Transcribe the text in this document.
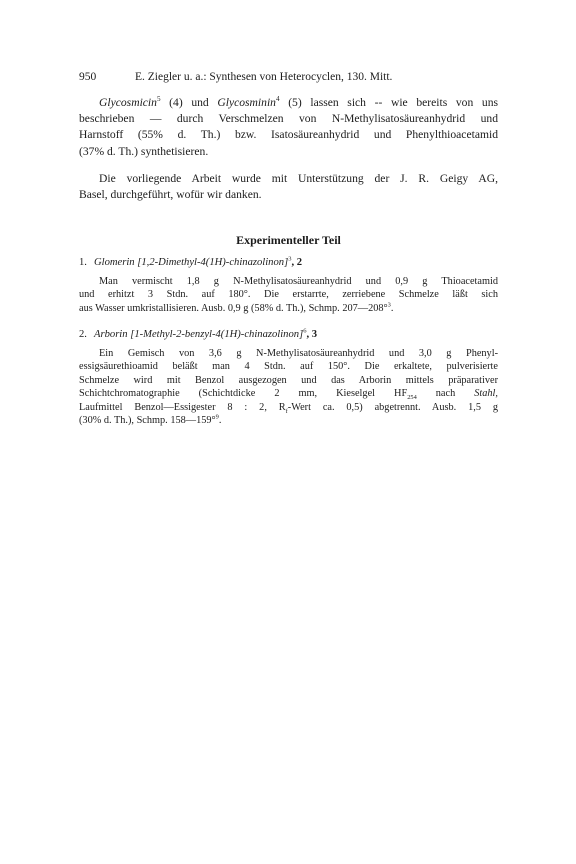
950	E. Ziegler u. a.: Synthesen von Heterocyclen, 130. Mitt.
Glycosmicin$^5$ (4) und Glycosminin$^4$ (5) lassen sich -- wie bereits von uns
beschrieben — durch Verschmelzen von N-Methylisatosäureanhydrid und
Harnstoff (55% d. Th.) bzw. Isatosäureanhydrid und Phenylthioacetamid
(37% d. Th.) synthetisieren.
Die vorliegende Arbeit wurde mit Unterstützung der J. R. Geigy AG,
Basel, durchgeführt, wofür wir danken.
Experimenteller Teil
1. Glomerin [1,2-Dimethyl-4(1H)-chinazolinon]$^3$, 2
Man vermischt 1,8 g N-Methylisatosäureanhydrid und 0,9 g Thioacetamid
und erhitzt 3 Stdn. auf 180°. Die erstarrte, zerriebene Schmelze läßt sich
aus Wasser umkristallisieren. Ausb. 0,9 g (58% d. Th.), Schmp. 207—208°$^3$.
2. Arborin [1-Methyl-2-benzyl-4(1H)-chinazolinon]$^6$, 3
Ein Gemisch von 3,6 g N-Methylisatosäureanhydrid und 3,0 g Phenyl-
essigsäurethioamid beläßt man 4 Stdn. auf 150°. Die erkaltete, pulverisierte
Schmelze wird mit Benzol ausgezogen und das Arborin mittels präparativer
Schichtchromatographie (Schichtdicke 2 mm, Kieselgel $HF_{254}$ nach Stahl,
Laufmittel Benzol—Essigester 8 : 2, $R_f$-Wert ca. 0,5) abgetrennt. Ausb. 1,5 g
(30% d. Th.), Schmp. 158—159°$^9$.
